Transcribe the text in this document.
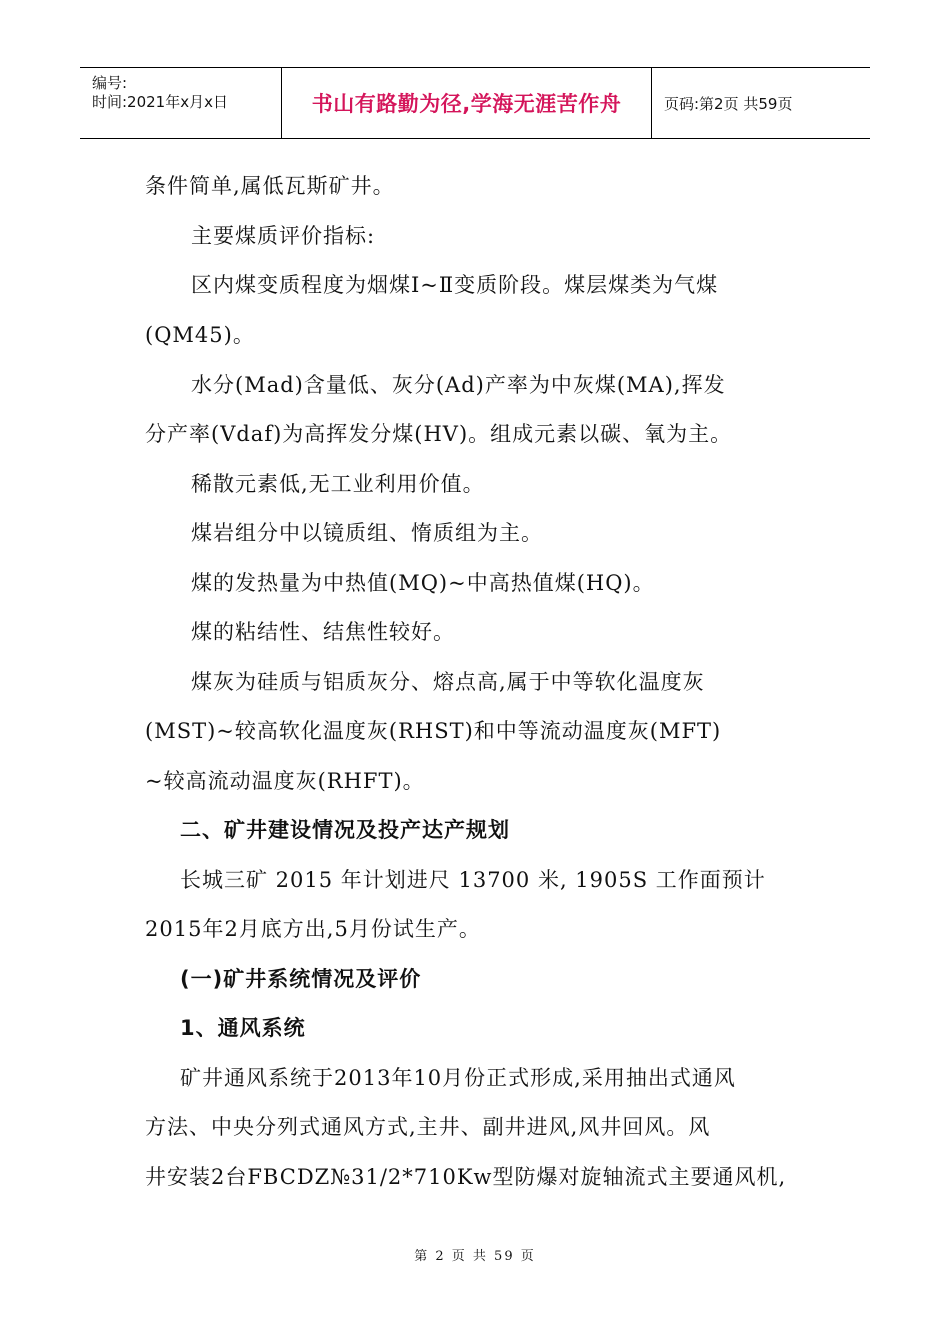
编号:
时间:2021年x月x日	书山有路勤为径,学海无涯苦作舟	页码:第2页 共59页
条件简单,属低瓦斯矿井。
主要煤质评价指标:
区内煤变质程度为烟煤Ⅰ~Ⅱ变质阶段。煤层煤类为气煤
(QM45)。
水分(Mad)含量低、灰分(Ad)产率为中灰煤(MA),挥发
分产率(Vdaf)为高挥发分煤(HV)。组成元素以碳、氧为主。
稀散元素低,无工业利用价值。
煤岩组分中以镜质组、惰质组为主。
煤的发热量为中热值(MQ)~中高热值煤(HQ)。
煤的粘结性、结焦性较好。
煤灰为硅质与铝质灰分、熔点高,属于中等软化温度灰
(MST)~较高软化温度灰(RHST)和中等流动温度灰(MFT)
~较高流动温度灰(RHFT)。
二、矿井建设情况及投产达产规划
长城三矿 2015 年计划进尺 13700 米, 1905S 工作面预计
2015年2月底方出,5月份试生产。
(一)矿井系统情况及评价
1、通风系统
矿井通风系统于2013年10月份正式形成,采用抽出式通风
方法、中央分列式通风方式,主井、副井进风,风井回风。风
井安装2台FBCDZ№31/2*710Kw型防爆对旋轴流式主要通风机,
第 2 页 共 59 页
